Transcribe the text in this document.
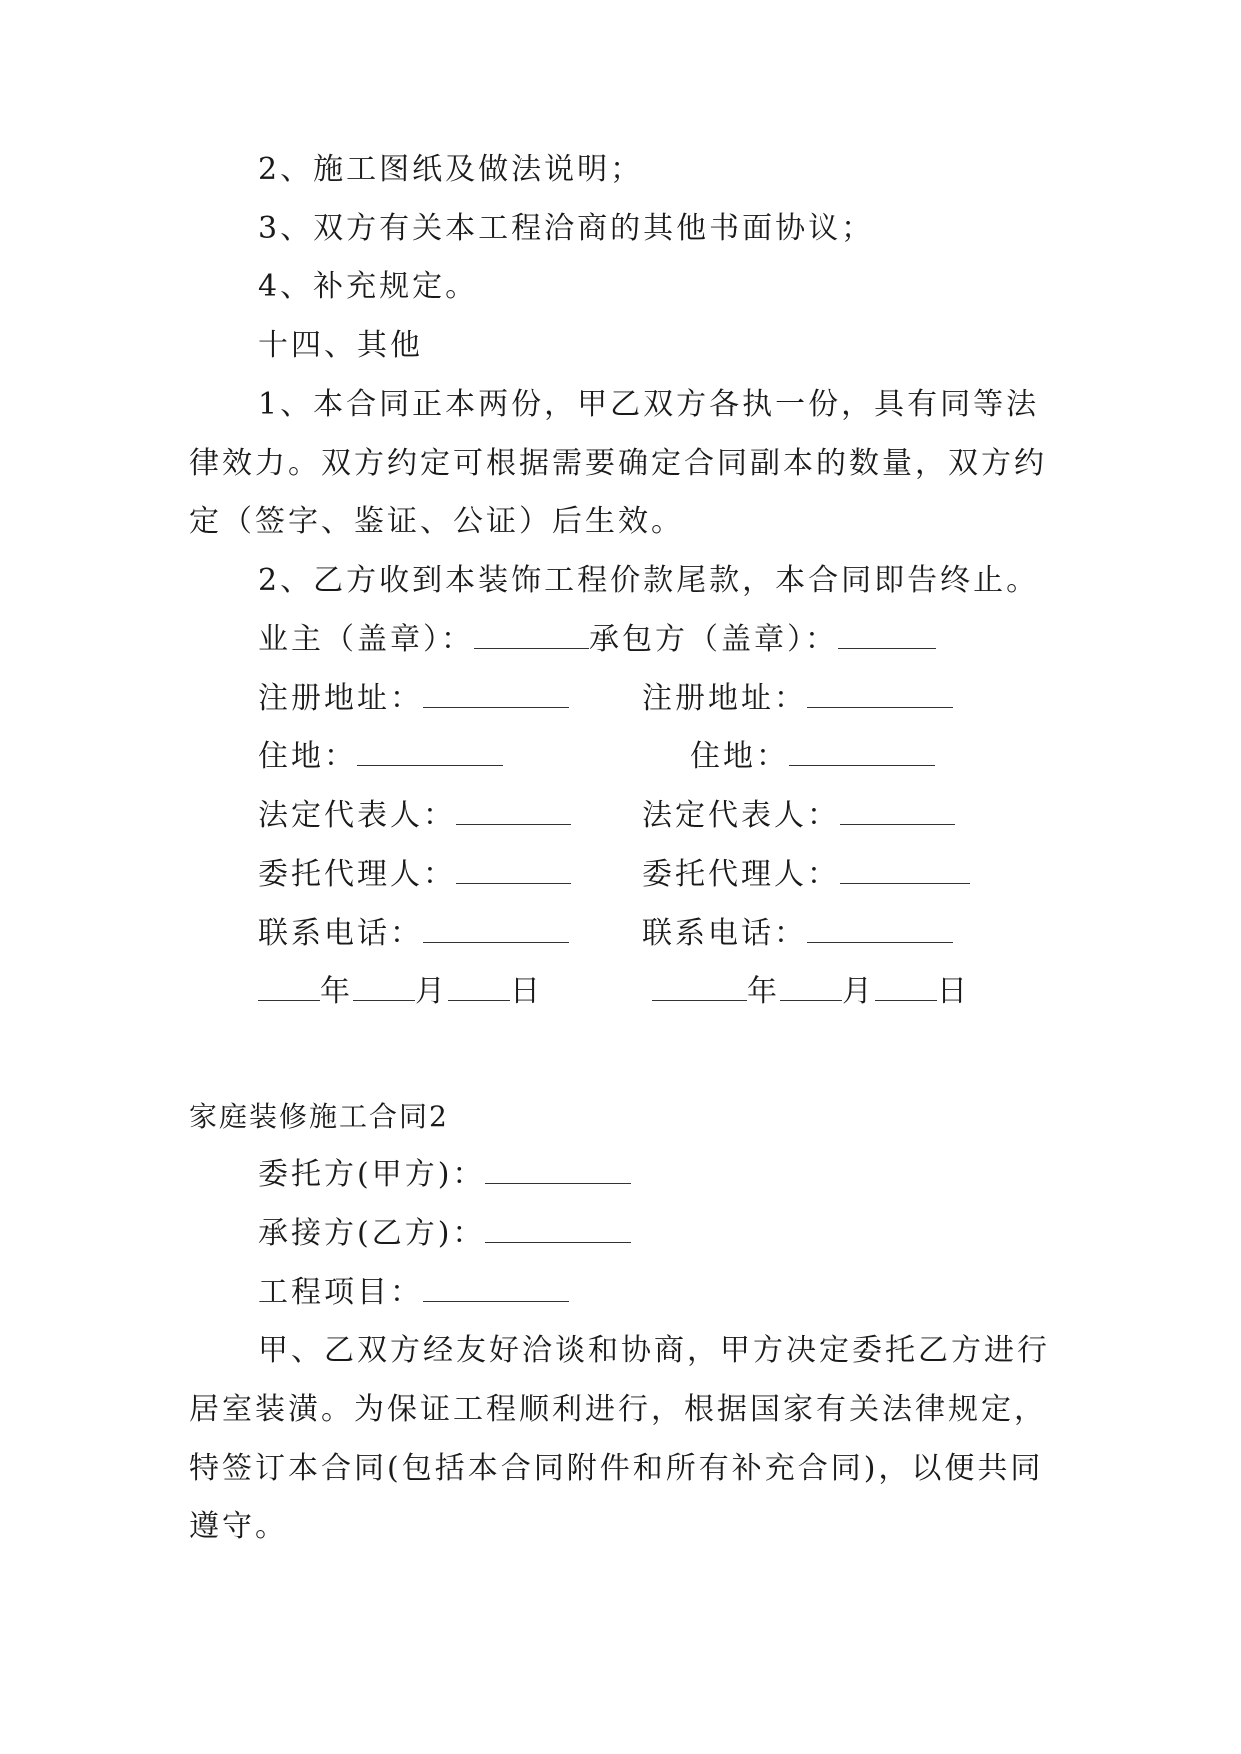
2、施工图纸及做法说明；
3、双方有关本工程洽商的其他书面协议；
4、补充规定。
十四、其他
1、本合同正本两份，甲乙双方各执一份，具有同等法
律效力。双方约定可根据需要确定合同副本的数量，双方约
定（签字、鉴证、公证）后生效。
2、乙方收到本装饰工程价款尾款，本合同即告终止。
业主（盖章）：	承包方（盖章）：
注册地址：
住地：
法定代表人：
委托代理人：
联系电话：
年 月 日
注册地址：
住地：
法定代表人：
委托代理人：
联系电话：
年 月 日
家庭装修施工合同2
委托方(甲方)：
承接方(乙方)：
工程项目：
甲、乙双方经友好洽谈和协商，甲方决定委托乙方进行
居室装潢。为保证工程顺利进行，根据国家有关法律规定，
特签订本合同(包括本合同附件和所有补充合同)，以便共同
遵守。
